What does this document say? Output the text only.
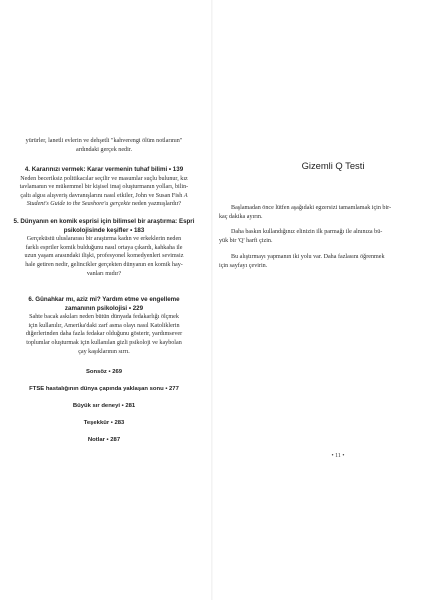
yürürler, lanetli evlerin ve dehşetli "kahverengi ölüm notlarının"

ardındaki gerçek nedir.

4. Kararınızı vermek: Karar vermenin tuhaf bilimi • 139

Neden beceriksiz politikacılar seçilir ve masumlar suçlu bulunur, kız

tavlamanın ve mükemmel bir kişisel imaj oluşturmanın yolları, bilin-

çaltı algısı alışveriş davranışlarını nasıl etkiler, John ve Susan Fish A

Student's Guide to the Seashore'u gerçekte neden yazmışlardır?

5. Dünyanın en komik esprisi için bilimsel bir araştırma: Espri

psikolojisinde keşifler • 183

Gerçeküstü uluslararası bir araştırma kadın ve erkeklerin neden

farklı espriler komik bulduğunu nasıl ortaya çıkardı, kahkaha ile

uzun yaşam arasındaki ilişki, profesyonel komedyenleri sevimsiz

hale getiren nedir, gelincikler gerçekten dünyanın en komik hay-

vanları mıdır?

6. Günahkar mı, aziz mi? Yardım etme ve engelleme

zamanının psikolojisi • 229

Sahte bacak askıları neden bütün dünyada fedakarlığı ölçmek

için kullanılır, Amerika'daki zarf asma olayı nasıl Katoliklerin

diğerlerinden daha fazla fedakar olduğunu gösterir, yardımsever

toplumlar oluşturmak için kullanılan gizli psikoloji ve kaybolan

çay kaşıklarının sırrı.

Sonsöz • 269
FTSE hastalığının dünya çapında yaklaşan sonu • 277
Büyük sır deneyi • 281
Teşekkür • 283
Notlar • 287

Gizemli Q Testi

Başlamadan önce lütfen aşağıdaki egzersizi tamamlamak için bir-

kaç dakika ayırın.

Daha baskın kullandığınız elinizin ilk parmağı ile alnınıza bü-

yük bir 'Q' harfi çizin.

Bu alıştırmayı yapmanın iki yolu var. Daha fazlasını öğrenmek

için sayfayı çevirin.

• 11 •
